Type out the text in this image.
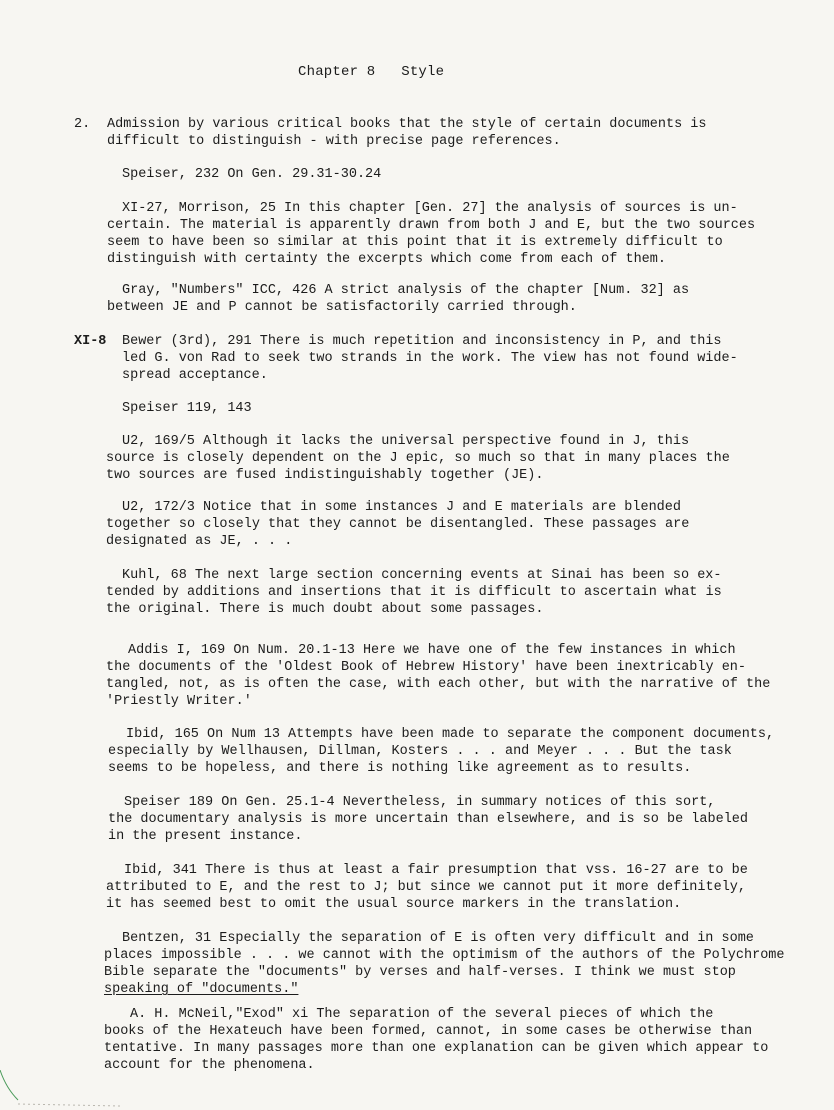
Chapter 8 Style
2. Admission by various critical books that the style of certain documents is

difficult to distinguish - with precise page references.

Speiser, 232 On Gen. 29.31-30.24

XI-27, Morrison, 25 In this chapter [Gen. 27] the analysis of sources is un-

certain. The material is apparently drawn from both J and E, but the two sources

seem to have been so similar at this point that it is extremely difficult to

distinguish with certainty the excerpts which come from each of them.

Gray, "Numbers" ICC, 426 A strict analysis of the chapter [Num. 32] as

between JE and P cannot be satisfactorily carried through.

XI-8 Bewer (3rd), 291 There is much repetition and inconsistency in P, and this

led G. von Rad to seek two strands in the work. The view has not found wide-

spread acceptance.

Speiser 119, 143

U2, 169/5 Although it lacks the universal perspective found in J, this

source is closely dependent on the J epic, so much so that in many places the

two sources are fused indistinguishably together (JE).

U2, 172/3 Notice that in some instances J and E materials are blended

together so closely that they cannot be disentangled. These passages are

designated as JE, . . .

Kuhl, 68 The next large section concerning events at Sinai has been so ex-

tended by additions and insertions that it is difficult to ascertain what is

the original. There is much doubt about some passages.

Addis I, 169 On Num. 20.1-13 Here we have one of the few instances in which

the documents of the 'Oldest Book of Hebrew History' have been inextricably en-

tangled, not, as is often the case, with each other, but with the narrative of the

'Priestly Writer.'

Ibid, 165 On Num 13 Attempts have been made to separate the component documents,

especially by Wellhausen, Dillman, Kosters . . . and Meyer . . . But the task

seems to be hopeless, and there is nothing like agreement as to results.

Speiser 189 On Gen. 25.1-4 Nevertheless, in summary notices of this sort,

the documentary analysis is more uncertain than elsewhere, and is so be labeled

in the present instance.

Ibid, 341 There is thus at least a fair presumption that vss. 16-27 are to be

attributed to E, and the rest to J; but since we cannot put it more definitely,

it has seemed best to omit the usual source markers in the translation.

Bentzen, 31 Especially the separation of E is often very difficult and in some

places impossible . . . we cannot with the optimism of the authors of the Polychrome

Bible separate the "documents" by verses and half-verses. I think we must stop

speaking of "documents."

A. H. McNeil,"Exod" xi The separation of the several pieces of which the

books of the Hexateuch have been formed, cannot, in some cases be otherwise than

tentative. In many passages more than one explanation can be given which appear to

account for the phenomena.
